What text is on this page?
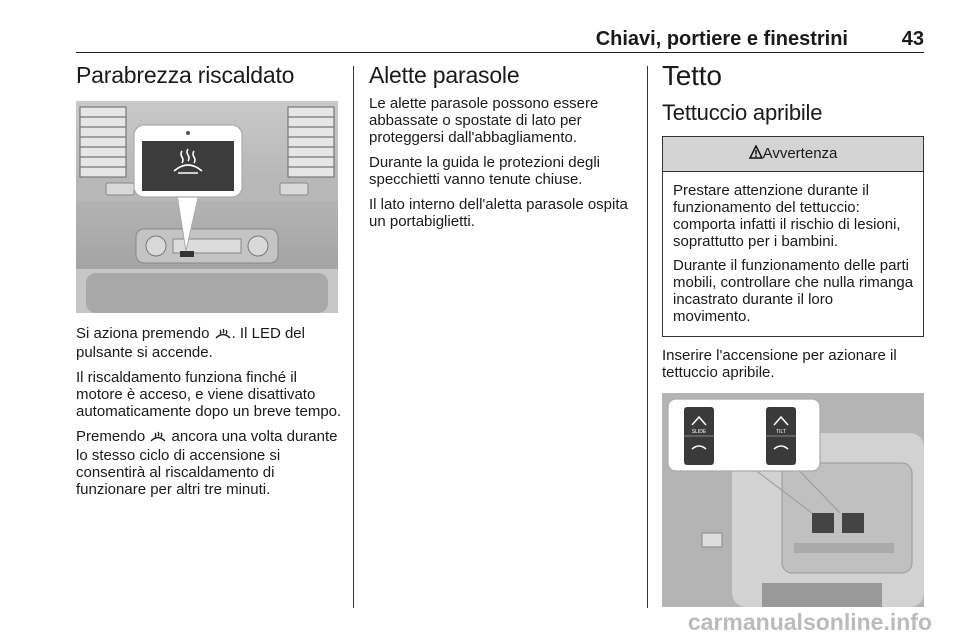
Chiavi, portiere e finestrini	43
Parabrezza riscaldato

Si aziona premendo . Il LED del pulsante si accende.

Il riscaldamento funziona finché il motore è acceso, e viene disattivato automaticamente dopo un breve tempo.

Premendo  ancora una volta durante lo stesso ciclo di accensione si consentirà al riscaldamento di funzionare per altri tre minuti.

Alette parasole

Le alette parasole possono essere abbassate o spostate di lato per proteggersi dall'abbagliamento.

Durante la guida le protezioni degli specchietti vanno tenute chiuse.

Il lato interno dell'aletta parasole ospita un portabiglietti.

Tetto
Tettuccio apribile
Avvertenza

Prestare attenzione durante il funzionamento del tettuccio: comporta infatti il rischio di lesioni, soprattutto per i bambini.

Durante il funzionamento delle parti mobili, controllare che nulla rimanga incastrato durante il loro movimento.

Inserire l'accensione per azionare il tettuccio apribile.

SLIDE	TILT
carmanualsonline.info
